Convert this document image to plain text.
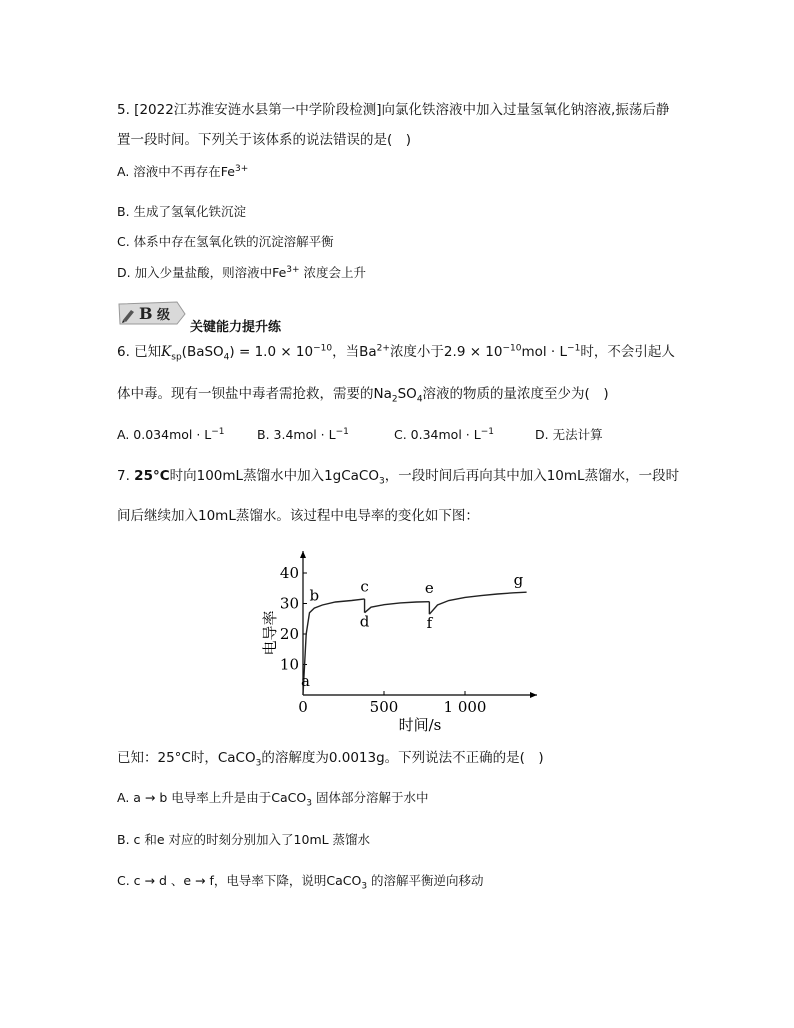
5. [2022江苏淮安涟水县第一中学阶段检测]向氯化铁溶液中加入过量氢氧化钠溶液,振荡后静
置一段时间。下列关于该体系的说法错误的是(　)
A. 溶液中不再存在$Fe^{3+}$
B. 生成了氢氧化铁沉淀
C. 体系中存在氢氧化铁的沉淀溶解平衡
D. 加入少量盐酸，则溶液中$Fe^{3+}$ 浓度会上升
B 级
关键能力提升练
6. 已知$K_{sp}(BaSO_4) = 1.0 \times 10^{-10}$，当$Ba^{2+}$浓度小于$2.9 \times 10^{-10}mol \cdot L^{-1}$时，不会引起人
体中毒。现有一钡盐中毒者需抢救，需要的$Na_2SO_4$溶液的物质的量浓度至少为(　)
A. $0.034mol \cdot L^{-1}$	B. $3.4mol \cdot L^{-1}$	C. $0.34mol \cdot L^{-1}$	D. 无法计算
7. 25°C时向100mL蒸馏水中加入1gCaCO$_3$，一段时间后再向其中加入10mL蒸馏水，一段时
间后继续加入10mL蒸馏水。该过程中电导率的变化如下图：
10
20
30
40
0	500	1 000
时间/s
电导率
a
b
c
d
e
f
g
已知：25°C时，CaCO$_3$的溶解度为0.0013g。下列说法不正确的是(　)
A. a → b 电导率上升是由于CaCO$_3$ 固体部分溶解于水中
B. c 和e 对应的时刻分别加入了10mL 蒸馏水
C. c → d 、e → f，电导率下降，说明CaCO$_3$ 的溶解平衡逆向移动
